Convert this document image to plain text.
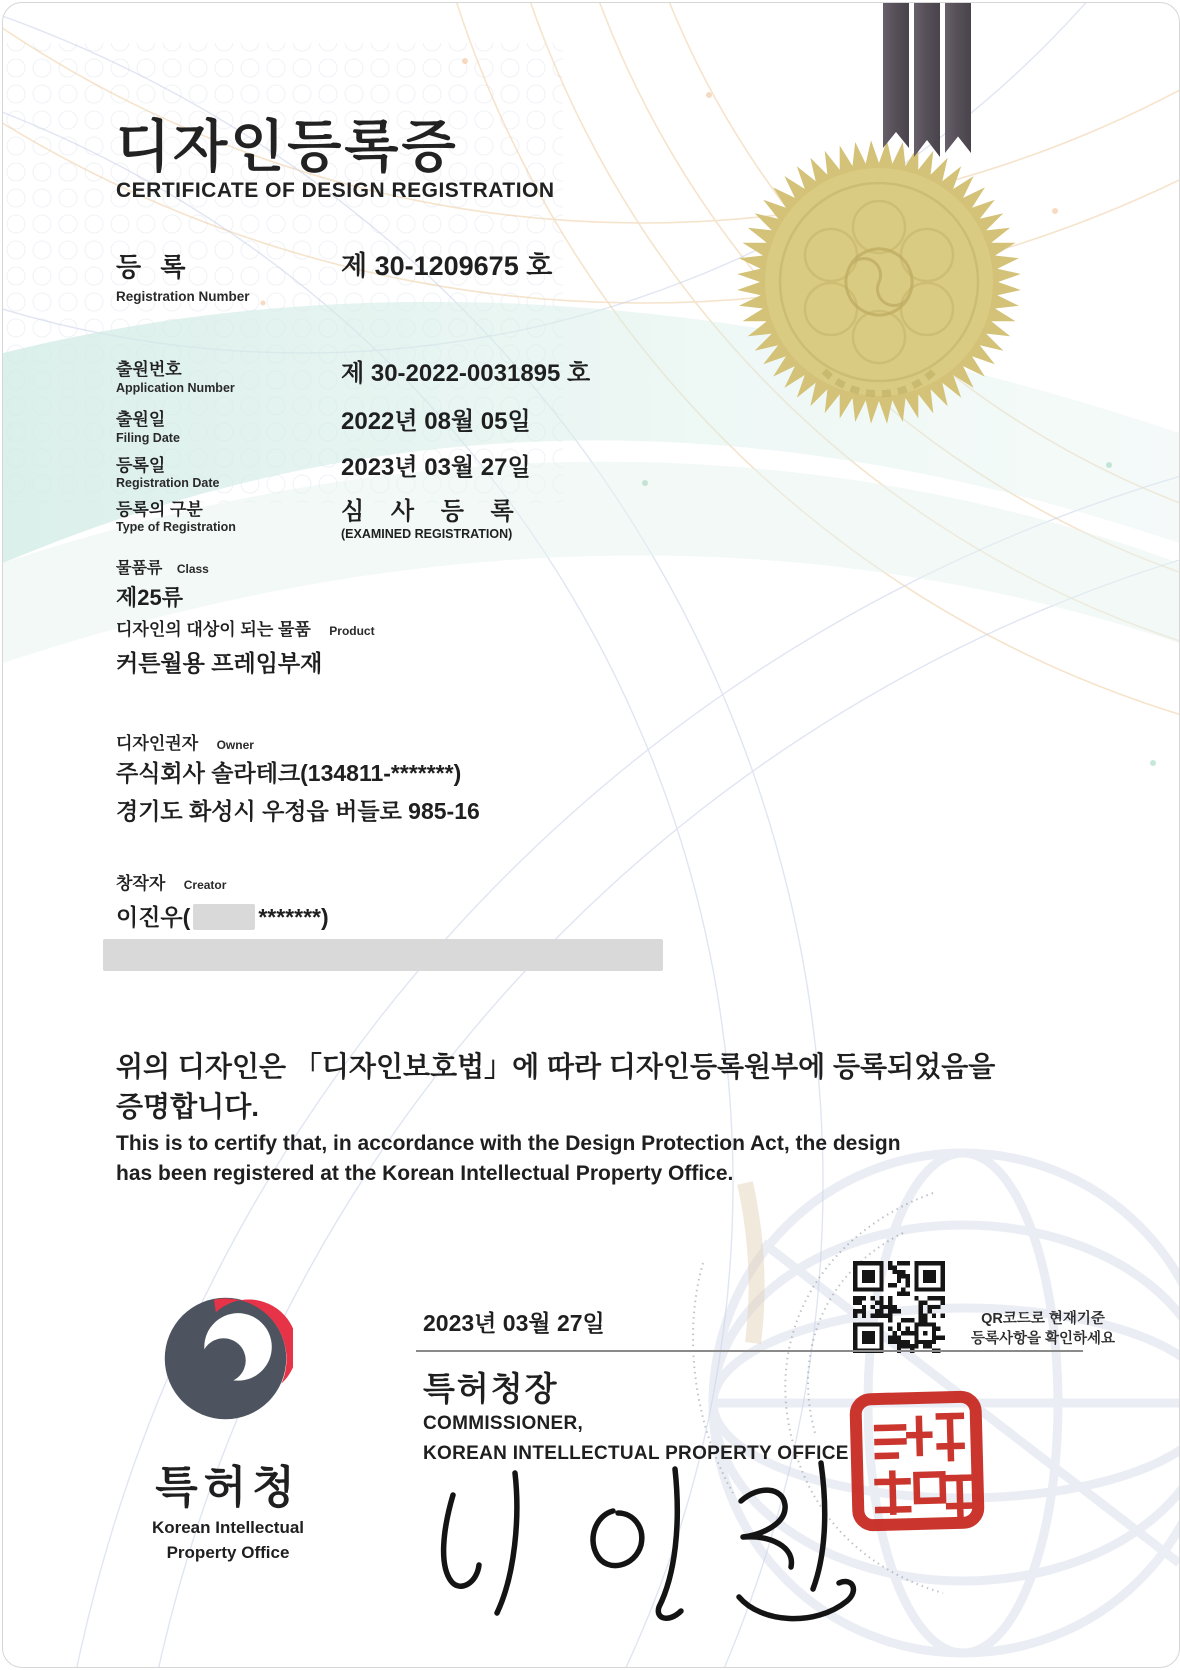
디자인등록증
CERTIFICATE OF DESIGN REGISTRATION
등 록
Registration Number
제 30-1209675 호
출원번호
Application Number
제 30-2022-0031895 호
출원일
Filing Date
2022년 08월 05일
등록일
Registration Date
2023년 03월 27일
등록의 구분
Type of Registration
심 사 등 록
(EXAMINED REGISTRATION)
물품류 Class
제25류
디자인의 대상이 되는 물품 Product
커튼월용 프레임부재
디자인권자 Owner
주식회사 솔라테크(134811-*******)
경기도 화성시 우정읍 버들로 985-16
창작자 Creator
이진우(	*******)
위의 디자인은 「디자인보호법」에 따라 디자인등록원부에 등록되었음을
증명합니다.
This is to certify that, in accordance with the Design Protection Act, the design
has been registered at the Korean Intellectual Property Office.
QR코드로 현재기준
등록사항을 확인하세요
2023년 03월 27일
특허청장
COMMISSIONER,
KOREAN INTELLECTUAL PROPERTY OFFICE
특허청
Korean Intellectual
Property Office
